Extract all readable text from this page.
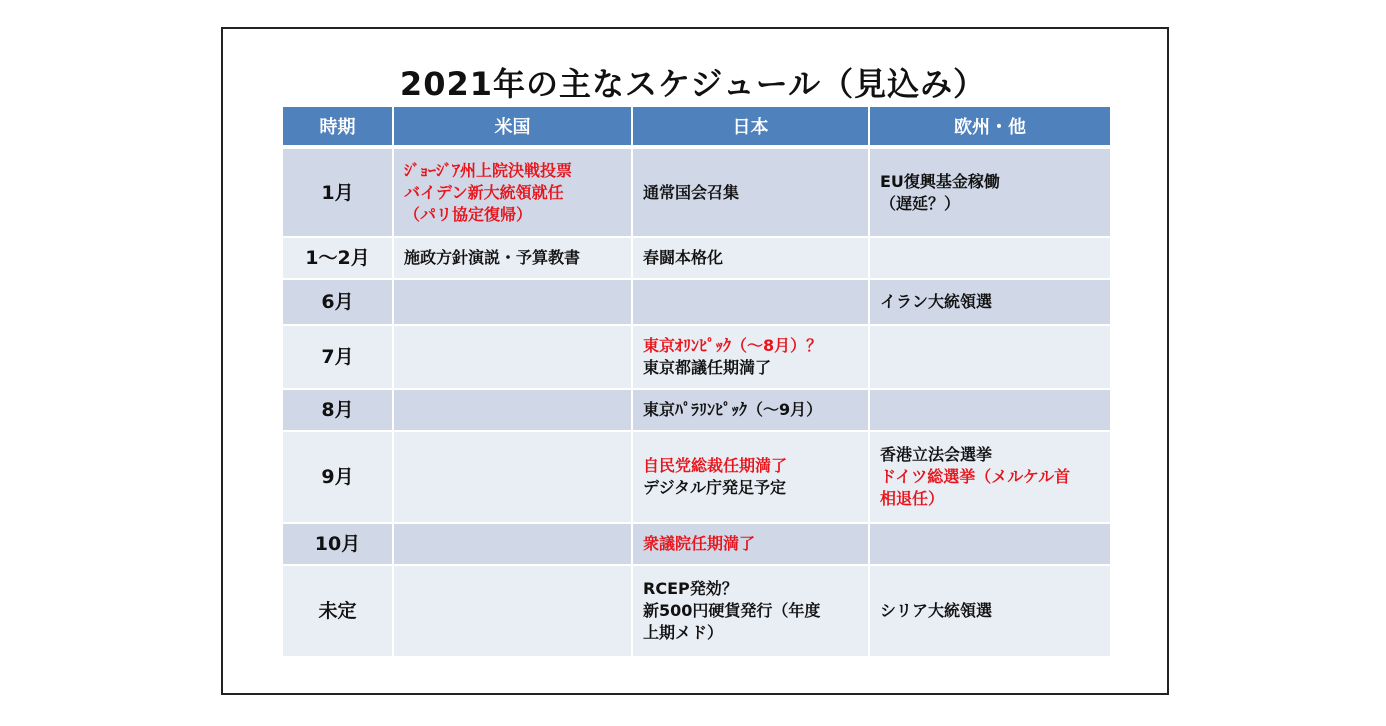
2021年の主なスケジュール（見込み）
時期	米国	日本	欧州・他
1月	ｼﾞｮｰｼﾞｱ州上院決戦投票
バイデン新大統領就任
（パリ協定復帰）	通常国会召集	EU復興基金稼働
（遅延？）

1～2月	施政方針演説・予算教書	春闘本格化	

6月			イラン大統領選

7月		東京ｵﾘﾝﾋﾟｯｸ（～8月）？
東京都議任期満了	

8月		東京ﾊﾟﾗﾘﾝﾋﾟｯｸ（～9月）	

9月		自民党総裁任期満了
デジタル庁発足予定	香港立法会選挙
ドイツ総選挙（メルケル首
相退任）

10月		衆議院任期満了	

未定		RCEP発効？
新500円硬貨発行（年度
上期メド）	シリア大統領選
